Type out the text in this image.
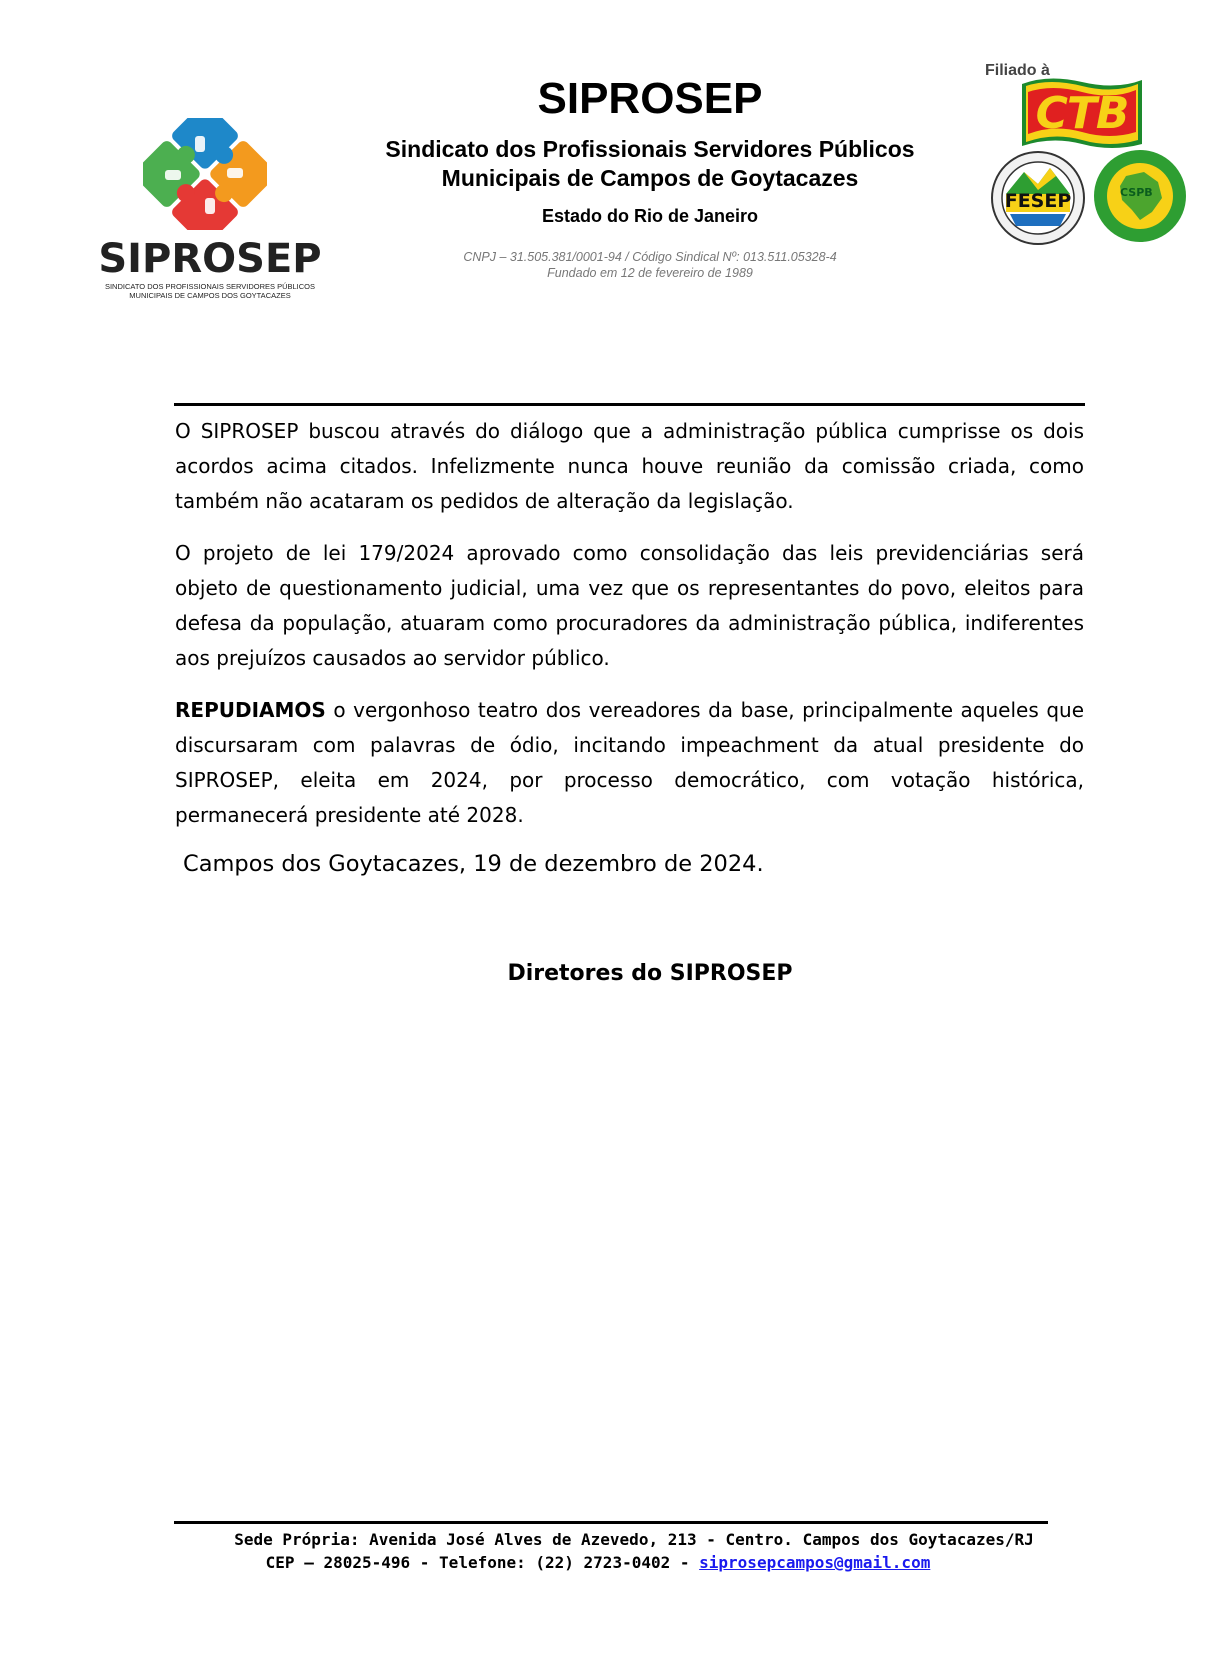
SIPROSEP
SINDICATO DOS PROFISSIONAIS SERVIDORES PÚBLICOS
MUNICIPAIS DE CAMPOS DOS GOYTACAZES
SIPROSEP
Sindicato dos Profissionais Servidores Públicos
Municipais de Campos de Goytacazes
Estado do Rio de Janeiro
CNPJ – 31.505.381/0001-94 / Código Sindical Nº: 013.511.05328-4
Fundado em 12 de fevereiro de 1989
Filiado à
CTB
FESEP	CSPB
O SIPROSEP buscou através do diálogo que a administração pública cumprisse os dois acordos acima citados. Infelizmente nunca houve reunião da comissão criada, como também não acataram os pedidos de alteração da legislação.
O projeto de lei 179/2024 aprovado como consolidação das leis previdenciárias será objeto de questionamento judicial, uma vez que os representantes do povo, eleitos para defesa da população, atuaram como procuradores da administração pública, indiferentes aos prejuízos causados ao servidor público.
REPUDIAMOS o vergonhoso teatro dos vereadores da base, principalmente aqueles que discursaram com palavras de ódio, incitando impeachment da atual presidente do SIPROSEP, eleita em 2024, por processo democrático, com votação histórica, permanecerá presidente até 2028.
Campos dos Goytacazes, 19 de dezembro de 2024.
Diretores do SIPROSEP
Sede Própria: Avenida José Alves de Azevedo, 213 - Centro. Campos dos Goytacazes/RJ
CEP – 28025-496 - Telefone: (22) 2723-0402 - siprosepcampos@gmail.com
